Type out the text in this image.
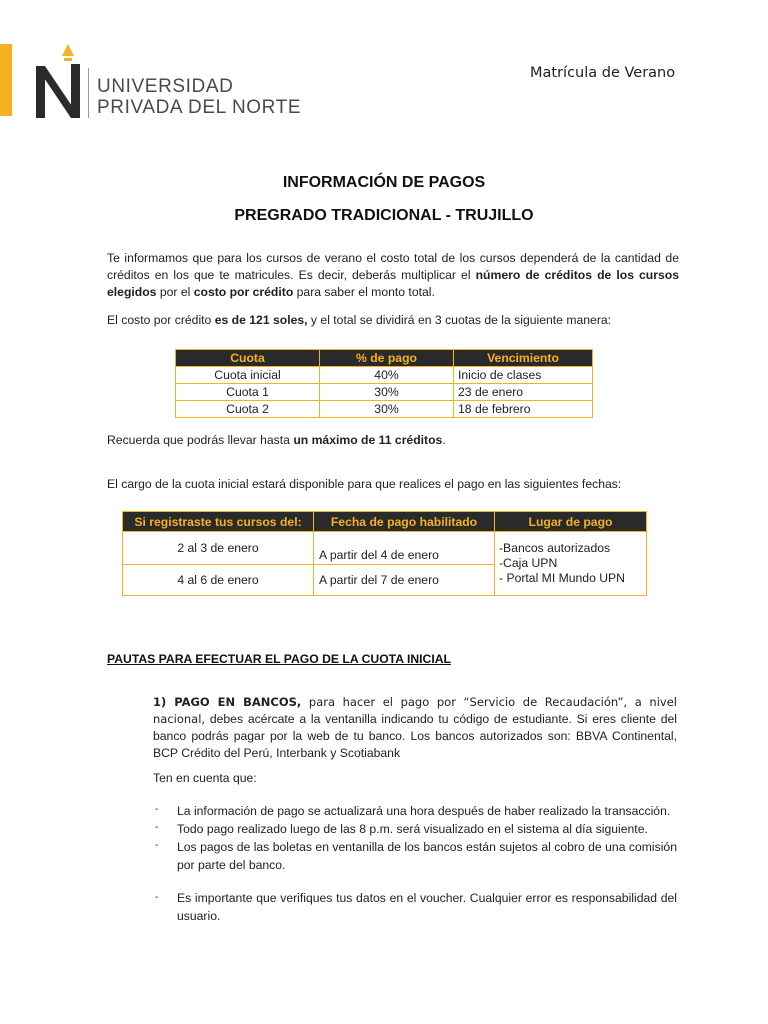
UNIVERSIDAD
PRIVADA DEL NORTE
Matrícula de Verano
INFORMACIÓN DE PAGOS
PREGRADO TRADICIONAL - TRUJILLO
Te informamos que para los cursos de verano el costo total de los cursos dependerá de la cantidad de créditos en los que te matricules. Es decir, deberás multiplicar el número de créditos de los cursos elegidos por el costo por crédito para saber el monto total.
El costo por crédito es de 121 soles, y el total se dividirá en 3 cuotas de la siguiente manera:
Cuota	% de pago	Vencimiento
Cuota inicial	40%	Inicio de clases
Cuota 1	30%	23 de enero
Cuota 2	30%	18 de febrero
Recuerda que podrás llevar hasta un máximo de 11 créditos.
El cargo de la cuota inicial estará disponible para que realices el pago en las siguientes fechas:
Si registraste tus cursos del:	Fecha de pago habilitado	Lugar de pago
2 al 3 de enero	A partir del 4 de enero	-Bancos autorizados
-Caja UPN
- Portal MI Mundo UPN

4 al 6 de enero	A partir del 7 de enero	
PAUTAS PARA EFECTUAR EL PAGO DE LA CUOTA INICIAL
1) PAGO EN BANCOS, para hacer el pago por “Servicio de Recaudación”, a nivel nacional, debes acércate a la ventanilla indicando tu código de estudiante. Si eres cliente del banco podrás pagar por la web de tu banco. Los bancos autorizados son: BBVA Continental, BCP Crédito del Perú, Interbank y Scotiabank
Ten en cuenta que:
- La información de pago se actualizará una hora después de haber realizado la transacción.
- Todo pago realizado luego de las 8 p.m. será visualizado en el sistema al día siguiente.
- Los pagos de las boletas en ventanilla de los bancos están sujetos al cobro de una comisión por parte del banco.
- Es importante que verifiques tus datos en el voucher. Cualquier error es responsabilidad del usuario.
